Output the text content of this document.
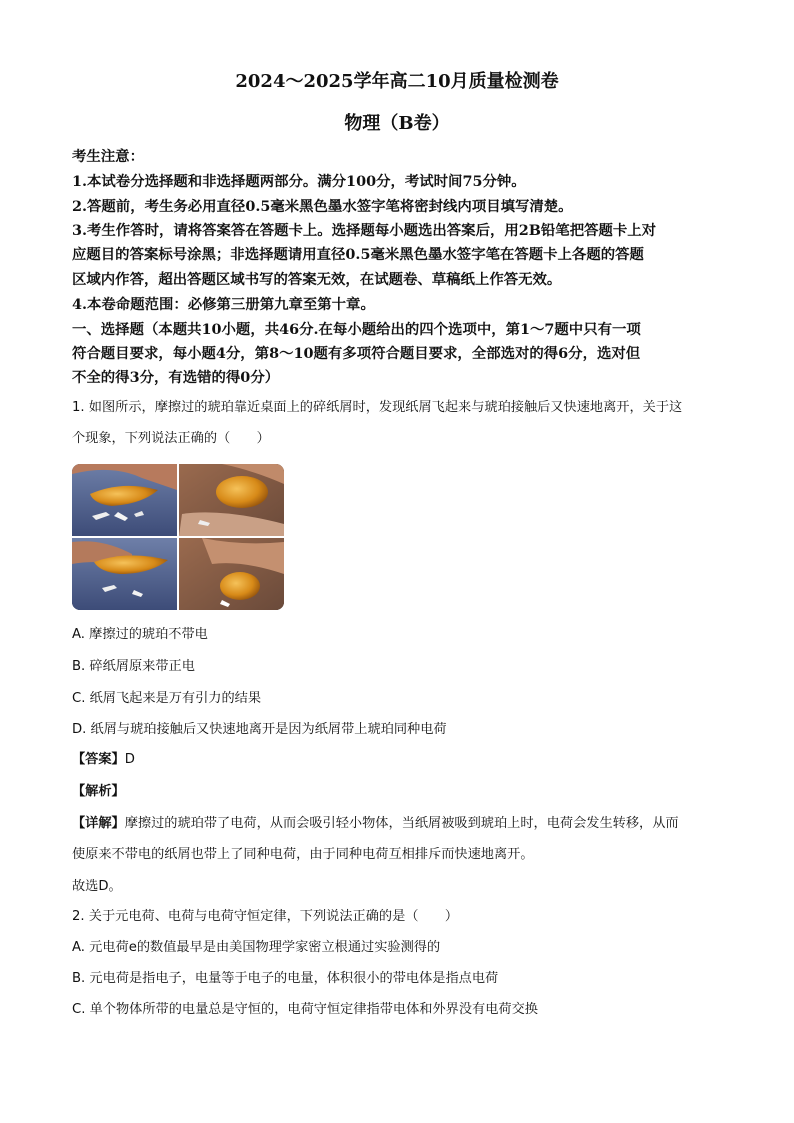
2024～2025学年高二10月质量检测卷
物理（B卷）
考生注意：
1.本试卷分选择题和非选择题两部分。满分100分，考试时间75分钟。
2.答题前，考生务必用直径0.5毫米黑色墨水签字笔将密封线内项目填写清楚。
3.考生作答时，请将答案答在答题卡上。选择题每小题选出答案后，用2B铅笔把答题卡上对
应题目的答案标号涂黑；非选择题请用直径0.5毫米黑色墨水签字笔在答题卡上各题的答题
区域内作答，超出答题区域书写的答案无效，在试题卷、草稿纸上作答无效。
4.本卷命题范围：必修第三册第九章至第十章。
一、选择题（本题共10小题，共46分.在每小题给出的四个选项中，第1～7题中只有一项
符合题目要求，每小题4分，第8～10题有多项符合题目要求，全部选对的得6分，选对但
不全的得3分，有选错的得0分）
1. 如图所示，摩擦过的琥珀靠近桌面上的碎纸屑时，发现纸屑飞起来与琥珀接触后又快速地离开，关于这
个现象，下列说法正确的（　　）
A. 摩擦过的琥珀不带电
B. 碎纸屑原来带正电
C. 纸屑飞起来是万有引力的结果
D. 纸屑与琥珀接触后又快速地离开是因为纸屑带上琥珀同种电荷
【答案】D
【解析】
【详解】摩擦过的琥珀带了电荷，从而会吸引轻小物体，当纸屑被吸到琥珀上时，电荷会发生转移，从而
使原来不带电的纸屑也带上了同种电荷，由于同种电荷互相排斥而快速地离开。
故选D。
2. 关于元电荷、电荷与电荷守恒定律，下列说法正确的是（　　）
A. 元电荷e的数值最早是由美国物理学家密立根通过实验测得的
B. 元电荷是指电子，电量等于电子的电量，体积很小的带电体是指点电荷
C. 单个物体所带的电量总是守恒的，电荷守恒定律指带电体和外界没有电荷交换
